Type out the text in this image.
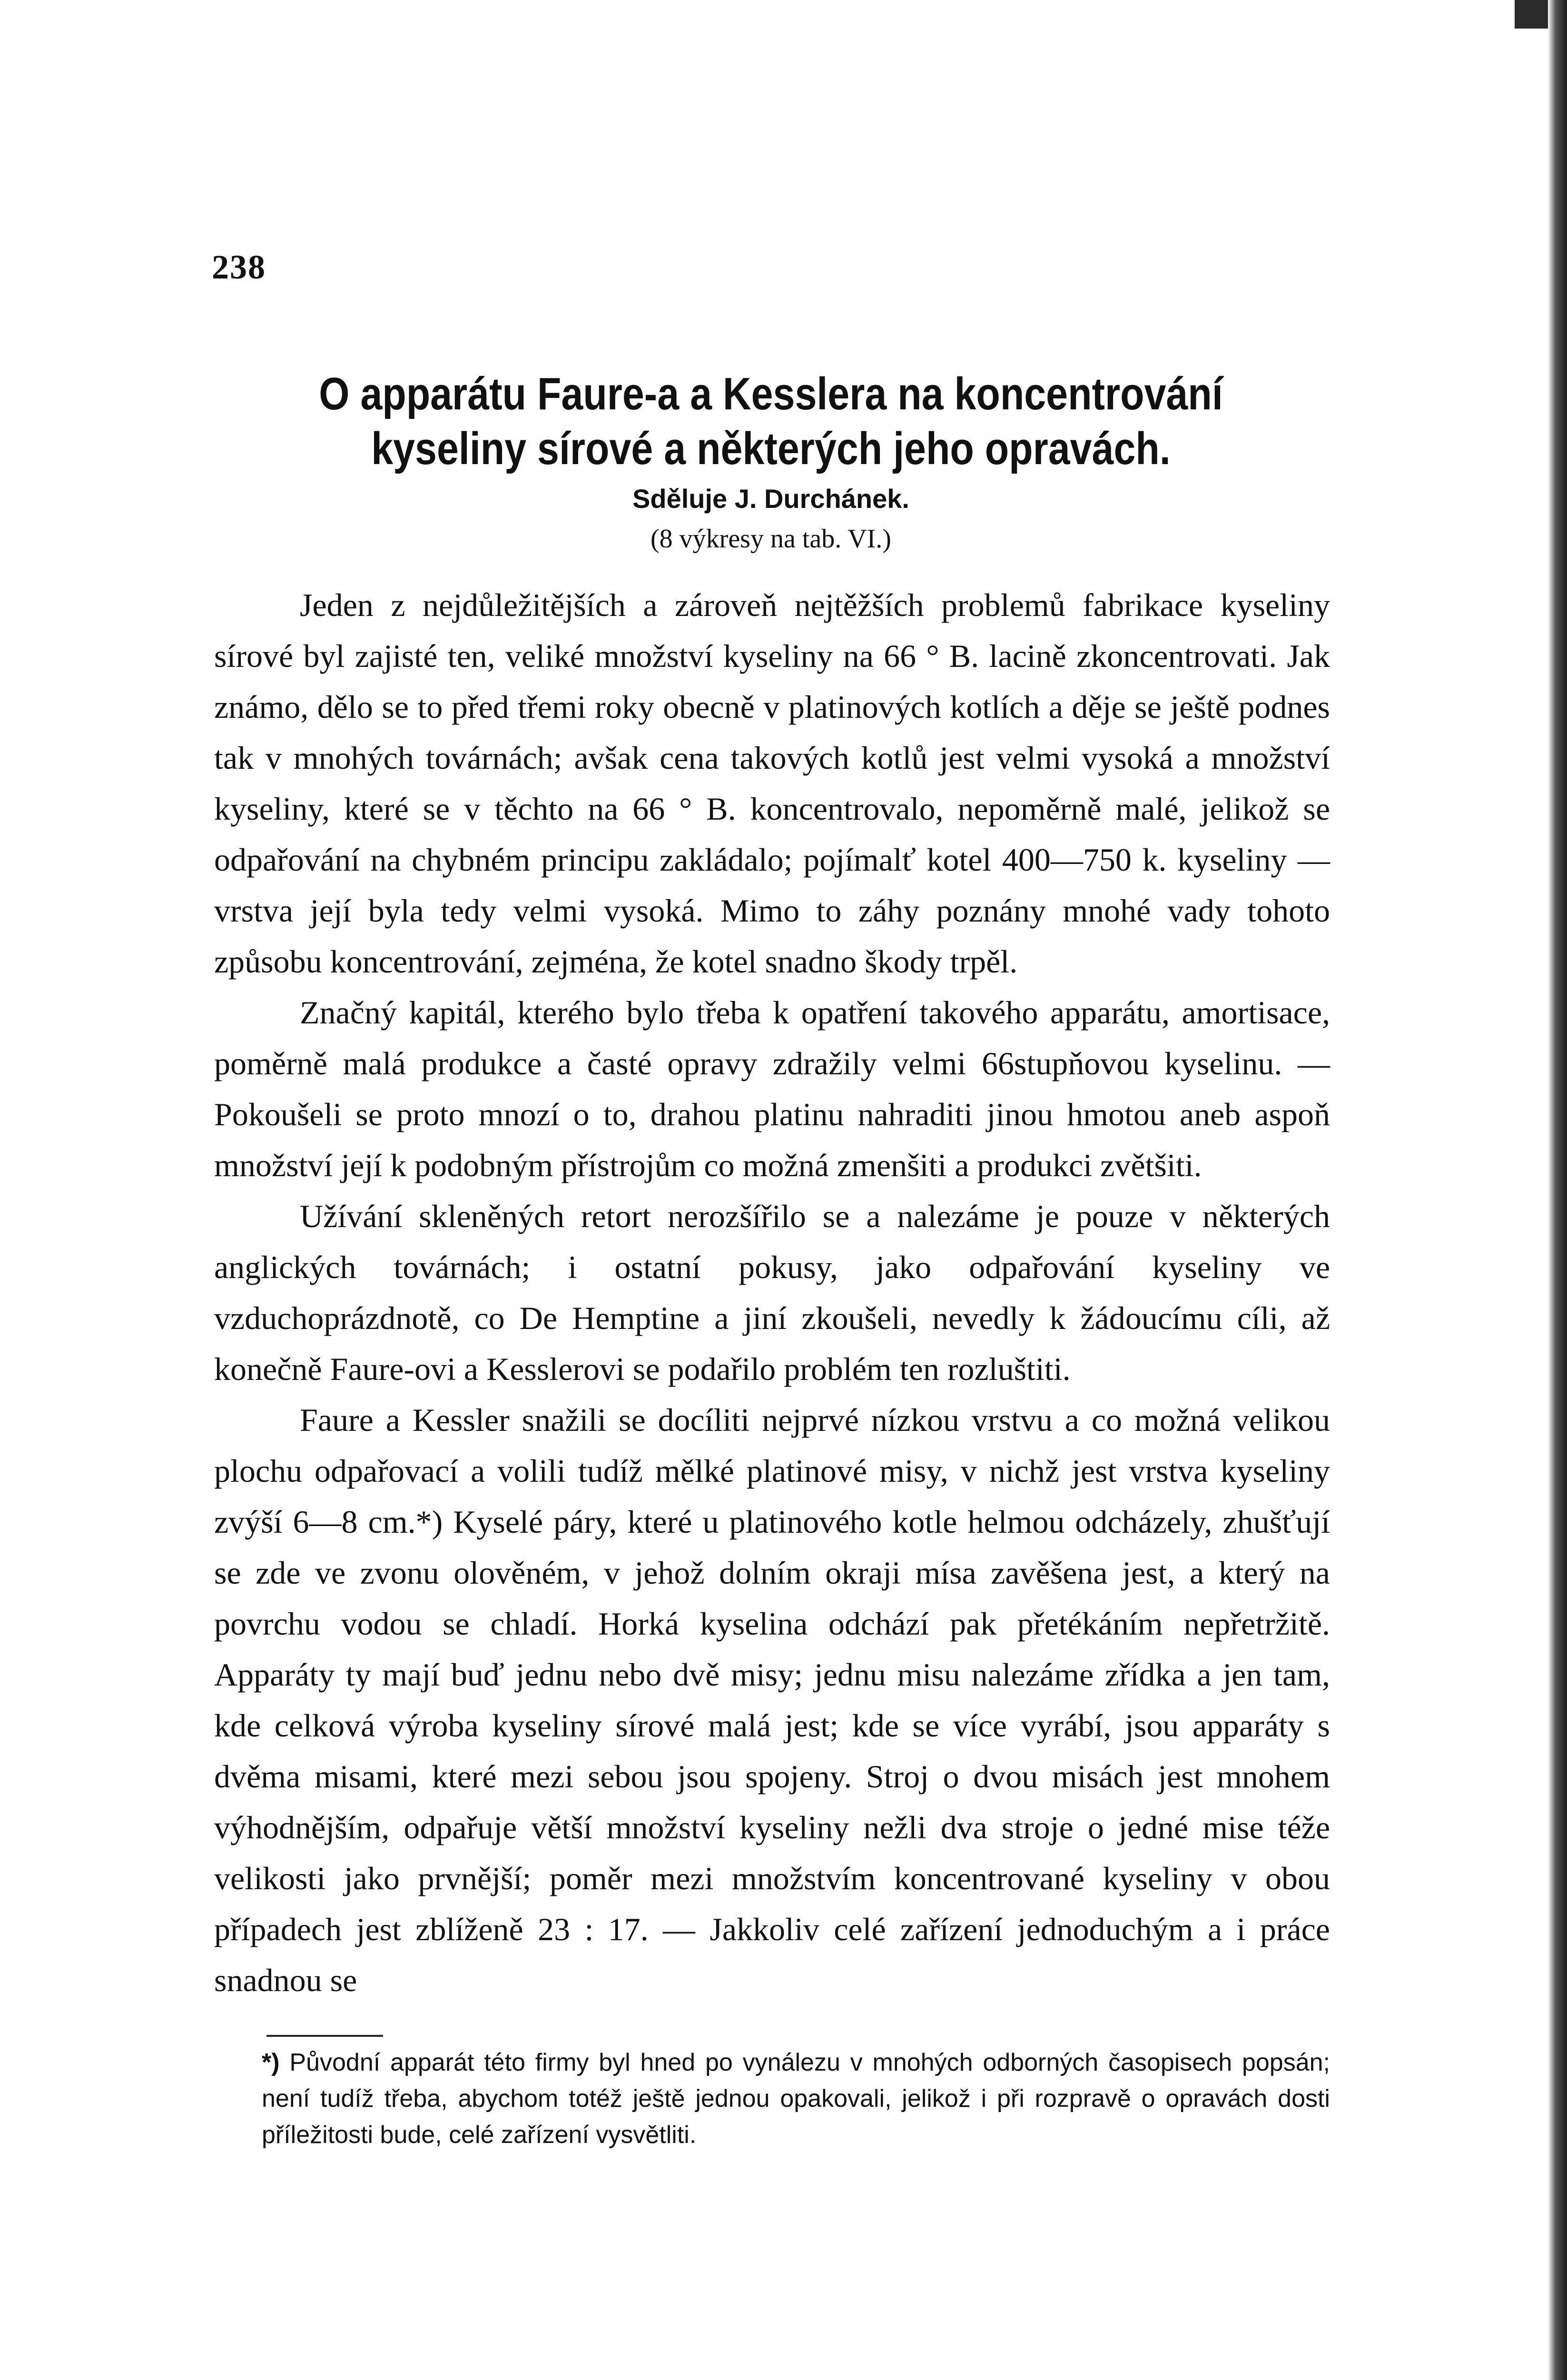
238
O apparátu Faure-a a Kesslera na koncentrování kyseliny sírové a některých jeho opravách.
Sděluje J. Durchánek.
(8 výkresy na tab. VI.)

Jeden z nejdůležitějších a zároveň nejtěžších problemů fabrikace kyseliny sírové byl zajisté ten, veliké množství kyseliny na 66 ° B. lacině zkoncentrovati. Jak známo, dělo se to před třemi roky obecně v platinových kotlích a děje se ještě podnes tak v mnohých továrnách; avšak cena takových kotlů jest velmi vysoká a množství kyseliny, které se v těchto na 66 ° B. koncentrovalo, nepoměrně malé, jelikož se odpařování na chybném principu zakládalo; pojímalť kotel 400—750 k. kyseliny — vrstva její byla tedy velmi vysoká. Mimo to záhy poznány mnohé vady tohoto způsobu koncentrování, zejména, že kotel snadno škody trpěl.

Značný kapitál, kterého bylo třeba k opatření takového apparátu, amortisace, poměrně malá produkce a časté opravy zdražily velmi 66stupňovou kyselinu. — Pokoušeli se proto mnozí o to, drahou platinu nahraditi jinou hmotou aneb aspoň množství její k podobným přístrojům co možná zmenšiti a produkci zvětšiti.

Užívání skleněných retort nerozšířilo se a nalezáme je pouze v některých anglických továrnách; i ostatní pokusy, jako odpařování kyseliny ve vzduchoprázdnotě, co De Hemptine a jiní zkoušeli, nevedly k žádoucímu cíli, až konečně Faure-ovi a Kesslerovi se podařilo problém ten rozluštiti.

Faure a Kessler snažili se docíliti nejprvé nízkou vrstvu a co možná velikou plochu odpařovací a volili tudíž mělké platinové misy, v nichž jest vrstva kyseliny zvýší 6—8 cm.*) Kyselé páry, které u platinového kotle helmou odcházely, zhušťují se zde ve zvonu olověném, v jehož dolním okraji mísa zavěšena jest, a který na povrchu vodou se chladí. Horká kyselina odchází pak přetékáním nepřetržitě. Apparáty ty mají buď jednu nebo dvě misy; jednu misu nalezáme zřídka a jen tam, kde celková výroba kyseliny sírové malá jest; kde se více vyrábí, jsou apparáty s dvěma misami, které mezi sebou jsou spojeny. Stroj o dvou misách jest mnohem výhodnějším, odpařuje větší množství kyseliny nežli dva stroje o jedné mise téže velikosti jako prvnější; poměr mezi množstvím koncentrované kyseliny v obou případech jest zblíženě 23 : 17. — Jakkoliv celé zařízení jednoduchým a i práce snadnou se

*) Původní apparát této firmy byl hned po vynálezu v mnohých odborných časopisech popsán; není tudíž třeba, abychom totéž ještě jednou opakovali, jelikož i při rozpravě o opravách dosti příležitosti bude, celé zařízení vysvětliti.
